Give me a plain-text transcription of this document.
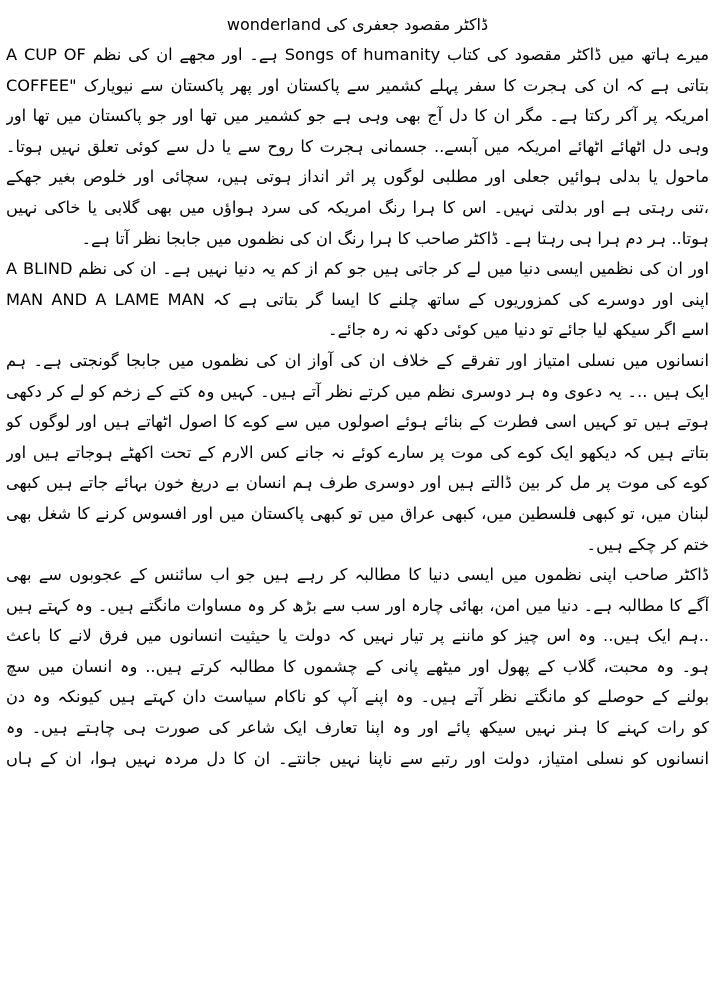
ڈاکٹر مقصود جعفری کی wonderland
میرے ہاتھ میں ڈاکٹر مقصود کی کتاب Songs of humanity ہے۔ اور مجھے ان کی نظم A CUP OF
COFFEE" بتاتی ہے کہ ان کی ہجرت کا سفر پہلے کشمیر سے پاکستان اور پھر پاکستان سے نیویارک
امریکہ پر آکر رکتا ہے۔ مگر ان کا دل آج بھی وہی ہے جو کشمیر میں تھا اور جو پاکستان میں تھا اور
وہی دل اٹھائے اٹھائے امریکہ میں آبسے.. جسمانی ہجرت کا روح سے یا دل سے کوئی تعلق نہیں ہوتا۔
ماحول یا بدلی ہوائیں جعلی اور مطلبی لوگوں پر اثر انداز ہوتی ہیں، سچائی اور خلوص بغیر جھکے
،تنی رہتی ہے اور بدلتی نہیں۔ اس کا ہرا رنگ امریکہ کی سرد ہواؤں میں بھی گلابی یا خاکی نہیں
ہوتا.. ہر دم ہرا ہی رہتا ہے۔ ڈاکٹر صاحب کا ہرا رنگ ان کی نظموں میں جابجا نظر آتا ہے۔
اور ان کی نظمیں ایسی دنیا میں لے کر جاتی ہیں جو کم از کم یہ دنیا نہیں ہے۔ ان کی نظم A BLIND
MAN AND A LAME MAN اپنی اور دوسرے کی کمزوریوں کے ساتھ چلنے کا ایسا گر بتاتی ہے کہ
اسے اگر سیکھ لیا جائے تو دنیا میں کوئی دکھ نہ رہ جائے۔
انسانوں میں نسلی امتیاز اور تفرقے کے خلاف ان کی آواز ان کی نظموں میں جابجا گونجتی ہے۔ ہم
ایک ہیں ..۔ یہ دعوی وہ ہر دوسری نظم میں کرتے نظر آتے ہیں۔ کہیں وہ کتے کے زخم کو لے کر دکھی
ہوتے ہیں تو کہیں اسی فطرت کے بنائے ہوئے اصولوں میں سے کوے کا اصول اٹھاتے ہیں اور لوگوں کو
بتاتے ہیں کہ دیکھو ایک کوے کی موت پر سارے کوئے نہ جانے کس الارم کے تحت اکھٹے ہوجاتے ہیں اور
کوے کی موت پر مل کر بین ڈالتے ہیں اور دوسری طرف ہم انسان بے دریغ خون بہائے جاتے ہیں کبھی
لبنان میں، تو کبھی فلسطین میں، کبھی عراق میں تو کبھی پاکستان میں اور افسوس کرنے کا شغل بھی
ختم کر چکے ہیں۔
ڈاکٹر صاحب اپنی نظموں میں ایسی دنیا کا مطالبہ کر رہے ہیں جو اب سائنس کے عجوبوں سے بھی
آگے کا مطالبہ ہے۔ دنیا میں امن، بھائی چارہ اور سب سے بڑھ کر وہ مساوات مانگتے ہیں۔ وہ کہتے ہیں
..ہم ایک ہیں.. وہ اس چیز کو ماننے پر تیار نہیں کہ دولت یا حیثیت انسانوں میں فرق لانے کا باعث
ہو۔ وہ محبت، گلاب کے پھول اور میٹھے پانی کے چشموں کا مطالبہ کرتے ہیں.. وہ انسان میں سچ
بولنے کے حوصلے کو مانگتے نظر آتے ہیں۔ وہ اپنے آپ کو ناکام سیاست دان کہتے ہیں کیونکہ وہ دن
کو رات کہنے کا ہنر نہیں سیکھ پائے اور وہ اپنا تعارف ایک شاعر کی صورت ہی چاہتے ہیں۔ وہ
انسانوں کو نسلی امتیاز، دولت اور رتبے سے ناپنا نہیں جانتے۔ ان کا دل مردہ نہیں ہوا، ان کے ہاں
